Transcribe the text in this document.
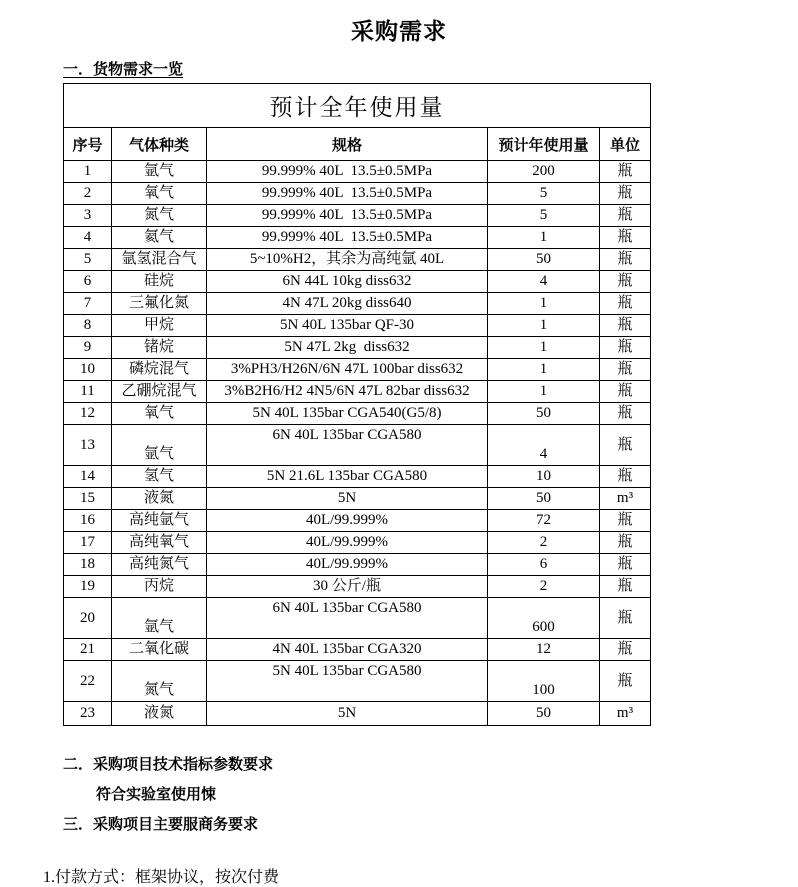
采购需求
一．货物需求一览
预计全年使用量				
序号	气体种类	规格	预计年使用量	单位
1	氩气	99.999% 40L  13.5±0.5MPa	200	瓶
2	氧气	99.999% 40L  13.5±0.5MPa	5	瓶
3	氮气	99.999% 40L  13.5±0.5MPa	5	瓶
4	氦气	99.999% 40L  13.5±0.5MPa	1	瓶
5	氩氢混合气	5~10%H2，其余为高纯氩 40L	50	瓶
6	硅烷	6N 44L 10kg diss632	4	瓶
7	三氟化氮	4N 47L 20kg diss640	1	瓶
8	甲烷	5N 40L 135bar QF-30	1	瓶
9	锗烷	5N 47L 2kg  diss632	1	瓶
10	磷烷混气	3%PH3/H26N/6N 47L 100bar diss632	1	瓶
11	乙硼烷混气	3%B2H6/H2 4N5/6N 47L 82bar diss632	1	瓶
12	氧气	5N 40L 135bar CGA540(G5/8)	50	瓶
13	氩气	6N 40L 135bar CGA580	4	瓶
14	氢气	5N 21.6L 135bar CGA580	10	瓶
15	液氮	5N	50	m³
16	高纯氩气	40L/99.999%	72	瓶
17	高纯氧气	40L/99.999%	2	瓶
18	高纯氮气	40L/99.999%	6	瓶
19	丙烷	30 公斤/瓶	2	瓶
20	氩气	6N 40L 135bar CGA580	600	瓶
21	二氧化碳	4N 40L 135bar CGA320	12	瓶
22	氮气	5N 40L 135bar CGA580	100	瓶
23	液氮	5N	50	m³
二．采购项目技术指标参数要求
符合实验室使用悚
三．采购项目主要服商务要求
1.付款方式：框架协议，按次付费
